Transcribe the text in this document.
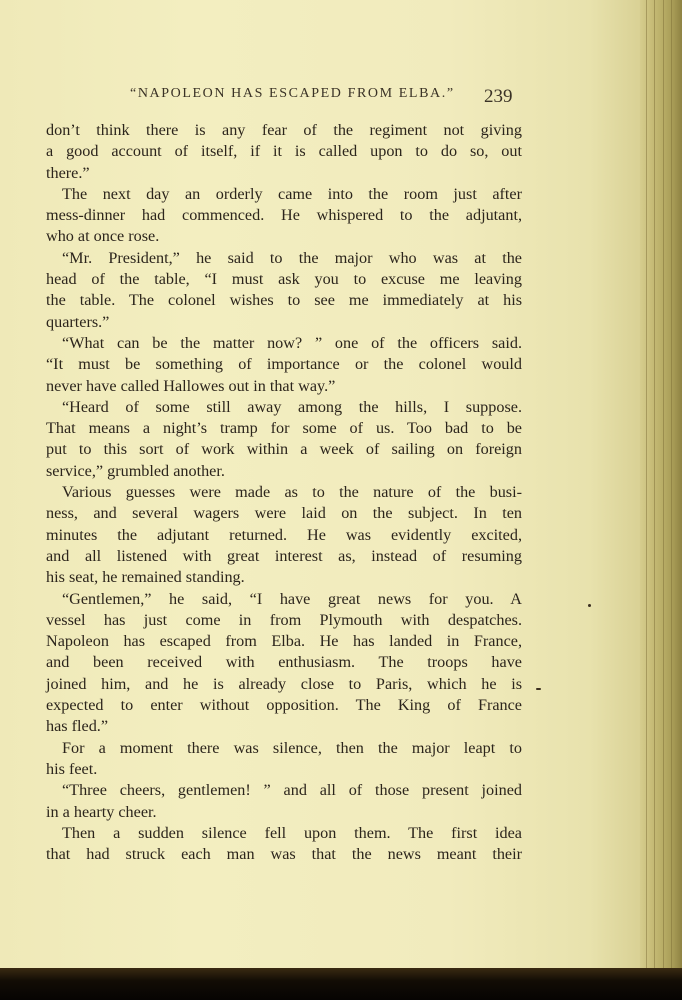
“NAPOLEON HAS ESCAPED FROM ELBA.” 239
don’t think there is any fear of the regiment not giving
a good account of itself, if it is called upon to do so, out
there.”
The next day an orderly came into the room just after
mess-dinner had commenced. He whispered to the adjutant,
who at once rose.
“Mr. President,” he said to the major who was at the
head of the table, “I must ask you to excuse me leaving
the table. The colonel wishes to see me immediately at his
quarters.”
“What can be the matter now? ” one of the officers said.
“It must be something of importance or the colonel would
never have called Hallowes out in that way.”
“Heard of some still away among the hills, I suppose.
That means a night’s tramp for some of us. Too bad to be
put to this sort of work within a week of sailing on foreign
service,” grumbled another.
Various guesses were made as to the nature of the busi-
ness, and several wagers were laid on the subject. In ten
minutes the adjutant returned. He was evidently excited,
and all listened with great interest as, instead of resuming
his seat, he remained standing.
“Gentlemen,” he said, “I have great news for you. A
vessel has just come in from Plymouth with despatches.
Napoleon has escaped from Elba. He has landed in France,
and been received with enthusiasm. The troops have
joined him, and he is already close to Paris, which he is
expected to enter without opposition. The King of France
has fled.”
For a moment there was silence, then the major leapt to
his feet.
“Three cheers, gentlemen! ” and all of those present joined
in a hearty cheer.
Then a sudden silence fell upon them. The first idea
that had struck each man was that the news meant their
